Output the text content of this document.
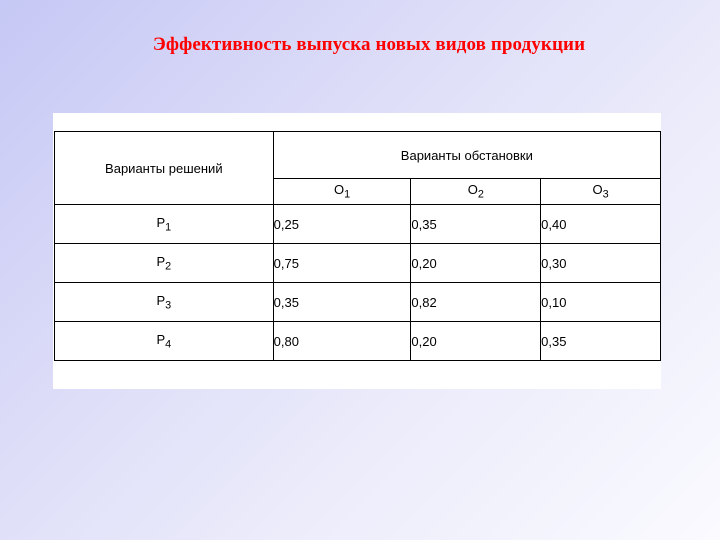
Эффективность выпуска новых видов продукции
Варианты решений	Варианты обстановки		
	$O_1$	$O_2$	$O_3$
$P_1$	0,25	0,35	0,40
$P_2$	0,75	0,20	0,30
$P_3$	0,35	0,82	0,10
$P_4$	0,80	0,20	0,35
